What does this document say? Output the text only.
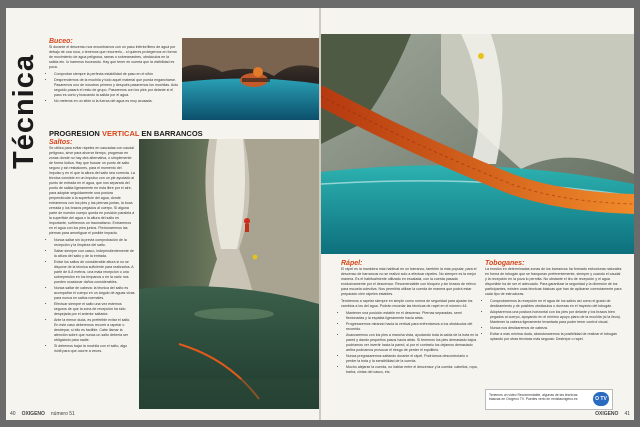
Técnica
Buceo:

Si durante el descenso nos encontramos con un paso inferior/lleno de agua por debajo de una roca, o tenemos que recorrerlo... si quieres protegernos en forma de movimiento de agua peligrosa, ramas o sobrearrastres, obstáculos en la salida etc. lo haremos buceando. Hay que tener en cuenta que la visibilidad es poca.

• Comprobar siempre la perfecta estabilidad de paso en el sifón
• Desprendernos de la mochila y todo aquel material que pueda engancharse. Pasaremos uno de nosotros primero y después pasaremos los mochilas. Acto seguido pasará el resto de grupo. Pasaremos con los pies por delante si el paso es corto y buscando la salida por el agua.
• No meteros en un sifón si la fuerza del agua es muy acusada.
PROGRESION VERTICAL EN BARRANCOS
Saltos:

Se utiliza para evitar rápeles en cascadas con caudal peligroso, sirve para ahorrar tiempo, progresar en zonas donde no hay otra alternativa, o simplemente de forma lúdica. Hay que buscar un punto de salto seguro y sin resbalones, para el momento del impulso y en el que la altura del salto sea correcta. La técnica consiste en un impulso con un pie ayudado al punto de entrada en el agua, que nos separará del punto de salida ligeramente en esta libre por el aire, para adoptar seguidamente una postura perpendicular a la superficie del agua, donde entraremos con los pies y las piernas juntas, la boca cerrada y los brazos pegados al cuerpo. Si alguna parte de nuestro cuerpo queda en posición paralela a la superficie del agua o la altura del salto es importante, sufriremos un traumatismo. Entraremos en el agua con los pies juntos. Flexionaremos las piernas para amortiguar el posible impacto.

• Nunca saltar sin la previa comprobación de la recepción y la limpieza del salto.
• Saltar siempre con casco, independientemente de la altura del salto y de la entrada.
• Evitar los saltos de considerable altura si no se dispone de la técnica suficiente para realizarlos. A partir de 6-8 metros, una mala recepción o una sobrepresión en los tímpanos o en la nariz nos pueden ocasionar daños considerables.
• Nunca saltar de cabeza: la técnica del salto es acompañar el cuerpo en un ángulo de aguas vivas para nunca en saltos normales.
• Efectuar siempre el salto una vez estemos seguros de que la zona de recepción ha sido despejada por el anterior saltador.
• Ante la menor duda, es preferible evitar el salto. En este caso deberemos recurrir a rapelar o destrepar, si ello es factible. Cabe llamar la atención sobre que nunca un salto debería ser obligatorio para nadie.
• Si debemos bajar la mochila con el salto, algo inútil para que ocurre a veces.
40 OXIGENO número 51
Rápel:

El rápel es la maniobra más habitual en un barranco, también la más popular, para el descenso de barrancos no se realizó solo a efectuar rápeles. No siempre es la mejor manera. Es el habitualmente utilizado en escalada, con la cuerda pasada exclusivamente por el descensor. Recomendable con bloqueo y sin brazos de relevo para escuela colectiva. Nos permitirá utilizar la cuerda de manera que podrá estar preparado cien rápeles estables.

Tendremos a rapelar siempre en simple como norma de seguridad para ajustar los cambios a los del agua. Podrán recordar las técnicas de rapel en el número 44.

• Mantener una posición estable en el descenso. Piernas separadas, semi flexionadas y la espalda ligeramente hacia atrás.
• Progresaremos mirando hacia la vertical para enfrentarnos a los obstáculos del recorrido.
• Avanzaremos con los pies a mancha vista, ayudando toda la caída de la bota en la pared y dando pequeños pasos hacia atrás. Si tenemos los pies demasiado bajos podríamos ver invertir hacia la pared, si por el contrario los dejamos demasiado arriba podríamos provocar el riesgo de perder el equilibrio.
• Nunca pregrasaremos saltando durante el rápel. Podríamos descontrolarlo o perder la bota y la sensibilidad de la cuerda.
• Mucho alejarse la cuerda, no hablar entre el descensor y la cuerda: cabellos, ropa, barba, cintas del casco, etc.
Toboganes:

La erosión en determinadas zonas de los barrancos ha formado estructuras naturales en forma de tobogán que se franquean preferentemente, siempre y cuando el caudal y la recepción en la poza lo permita. No obstante el tiro de recepción y el agua disponible ha de ser el adecuado. Para garantizar la seguridad y la diversión de los participantes, existen unas técnicas básicas que han de aplicarse correctamente para cada tipo de estructuras.

• Comprobaremos la recepción en el agua de los saltos así como el grado de deslizamiento y de posibles obstáculos o durezas en el trayecto del tobogán.
• Adoptaremos una postura horizontal con los pies por delante y los brazos bien pegados al cuerpo, apoyando en el mínimo apoyo plano de la mochila (si la lleva). Mantener la cabeza ligeramente levantada para poder tener control visual.
• Nunca nos deslizaremos de cabeza.
• Evitar a más mínima duda, abandonaremos la posibilidad de realizar el tobogán optando por otras técnicas más seguras: Destrepe o rapel.
Tenemos un video Recomendable, algunas de las técnicas básicas en Oxígeno TV. Puedes verlo en revistaoxigeno.es	O TV
OXIGENO 41
